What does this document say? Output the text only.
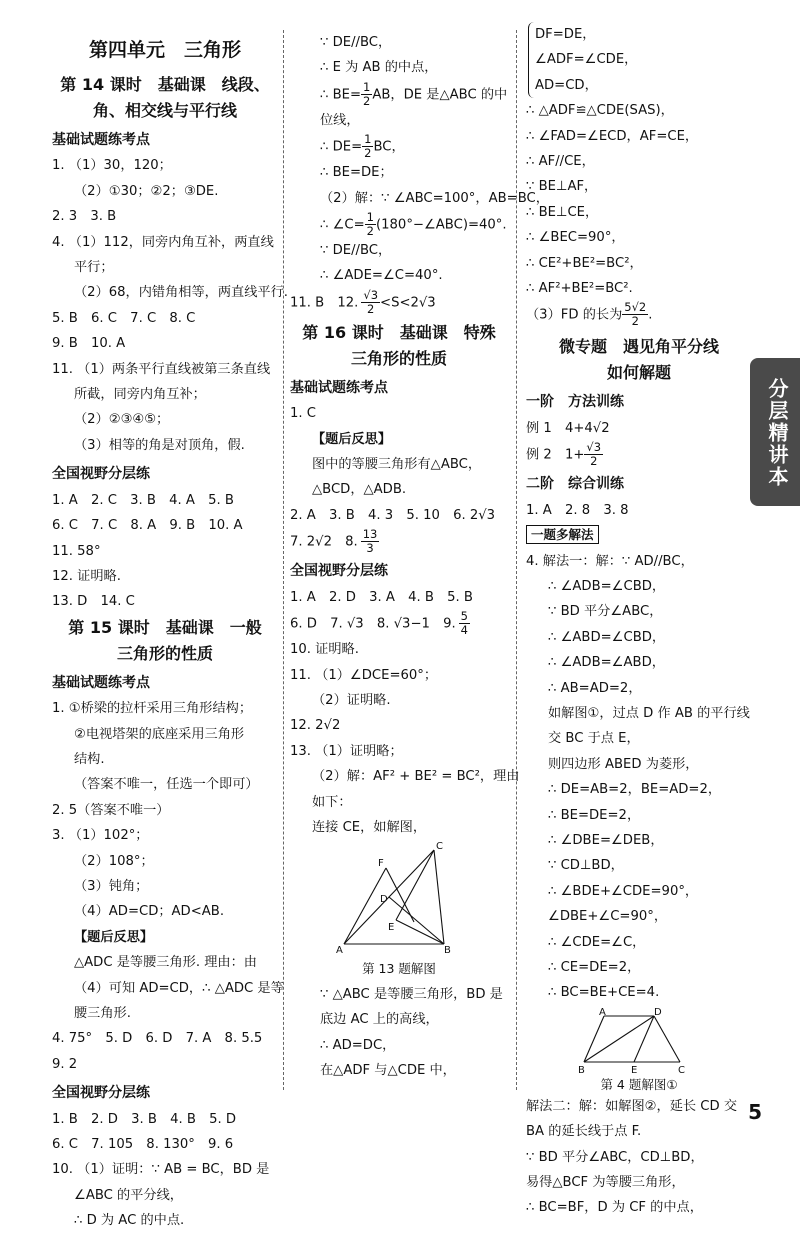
第四单元　三角形
第 14 课时　基础课　线段、
角、相交线与平行线
基础试题练考点
1. （1）30，120；
（2）①30；②2；③DE.
2. 3　3. B
4. （1）112，同旁内角互补，两直线
平行；
（2）68，内错角相等，两直线平行.
5. B　6. C　7. C　8. C
9. B　10. A
11. （1）两条平行直线被第三条直线
所截，同旁内角互补；
（2）②③④⑤；
（3）相等的角是对顶角，假.
全国视野分层练
1. A　2. C　3. B　4. A　5. B
6. C　7. C　8. A　9. B　10. A
11. 58°
12. 证明略.
13. D　14. C
第 15 课时　基础课　一般
三角形的性质
基础试题练考点
1. ①桥梁的拉杆采用三角形结构；
②电视塔架的底座采用三角形
结构.
（答案不唯一，任选一个即可）
2. 5（答案不唯一）
3. （1）102°；
（2）108°；
（3）钝角；
（4）AD=CD；AD<AB.
【题后反思】
△ADC 是等腰三角形. 理由：由
（4）可知 AD=CD，∴ △ADC 是等
腰三角形.
4. 75°　5. D　6. D　7. A　8. 5.5
9. 2
全国视野分层练
1. B　2. D　3. B　4. B　5. D
6. C　7. 105　8. 130°　9. 6
10. （1）证明：∵ AB = BC，BD 是
∠ABC 的平分线，
∴ D 为 AC 的中点.
∵ DE//BC，
∴ E 为 AB 的中点，
∴ $BE= \frac{1}{2}$ AB，DE 是△ABC 的中
位线，
∴ $DE= \frac{1}{2}$ BC，
∴ BE=DE；
（2）解：∵ ∠ABC=100°，AB=BC，
∴ ∠C= $\frac{1}{2}$ (180°−∠ABC)=40°.
∵ DE//BC，
∴ ∠ADE=∠C=40°.
11. B　12. $\frac{√3}{2} <S<2√3$
第 16 课时　基础课　特殊
三角形的性质
基础试题练考点
1. C
【题后反思】
图中的等腰三角形有△ABC，
△BCD，△ADB.
2. A　3. B　4. 3　5. 10　6. 2√3
7. 2√2　8. $\frac{13}{3}$
全国视野分层练
1. A　2. D　3. A　4. B　5. B
6. D　7. √3　8. √3−1　9. $\frac{5}{4}$
10. 证明略.
11. （1）∠DCE=60°；
（2）证明略.
12. 2√2
13. （1）证明略；
（2）解：AF² + BE² = BC²，理由
如下：
连接 CE，如解图，
C
F
D
E
A	B
第 13 题解图
∵ △ABC 是等腰三角形，BD 是
底边 AC 上的高线，
∴ AD=DC，
在△ADF 与△CDE 中，
DF=DE，
∠ADF=∠CDE，
AD=CD，
∴ △ADF≌△CDE(SAS)，
∴ ∠FAD=∠ECD，AF=CE，
∴ AF//CE，
∵ BE⊥AF，
∴ BE⊥CE，
∴ ∠BEC=90°，
∴ CE²+BE²=BC²，
∴ AF²+BE²=BC².
（3）FD 的长为 $\frac{5√2}{2}$ .
微专题　遇见角平分线
如何解题
一阶　方法训练
例 1　4+4√2
例 2　$1+ \frac{√3}{2}$
二阶　综合训练
1. A　2. 8　3. 8
一题多解法
4. 解法一：解：∵ AD//BC，
∴ ∠ADB=∠CBD，
∵ BD 平分∠ABC，
∴ ∠ABD=∠CBD，
∴ ∠ADB=∠ABD，
∴ AB=AD=2，
如解图①，过点 D 作 AB 的平行线
交 BC 于点 E，
则四边形 ABED 为菱形，
∴ DE=AB=2，BE=AD=2，
∴ BE=DE=2，
∴ ∠DBE=∠DEB，
∵ CD⊥BD，
∴ ∠BDE+∠CDE=90°，
∠DBE+∠C=90°，
∴ ∠CDE=∠C，
∴ CE=DE=2，
∴ BC=BE+CE=4.
A	D
B	E	C
第 4 题解图①
解法二：解：如解图②，延长 CD 交
BA 的延长线于点 F.
∵ BD 平分∠ABC，CD⊥BD，
易得△BCF 为等腰三角形，
∴ BC=BF，D 为 CF 的中点，
分层精讲本
5
